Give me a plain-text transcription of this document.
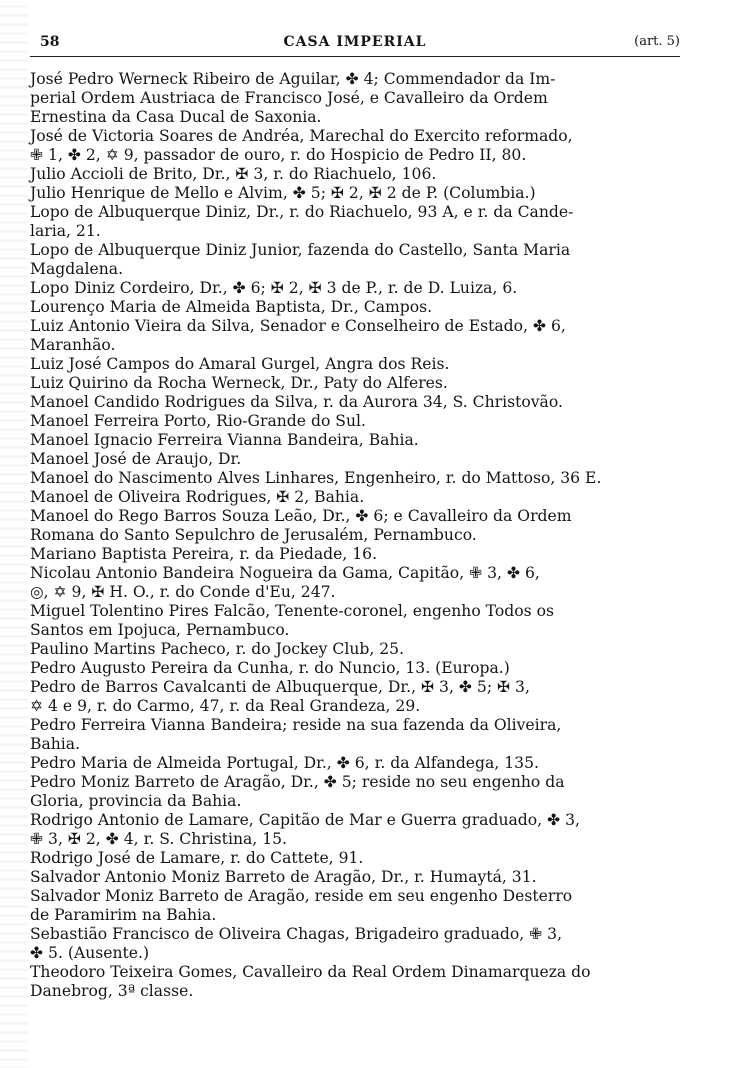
58	CASA IMPERIAL	(art. 5)
José Pedro Werneck Ribeiro de Aguilar, ✤ 4; Commendador da Im-
perial Ordem Austriaca de Francisco José, e Cavalleiro da Ordem
Ernestina da Casa Ducal de Saxonia.
José de Victoria Soares de Andréa, Marechal do Exercito reformado,
✙ 1, ✤ 2, ✡ 9, passador de ouro, r. do Hospicio de Pedro II, 80.
Julio Accioli de Brito, Dr., ✠ 3, r. do Riachuelo, 106.
Julio Henrique de Mello e Alvim, ✤ 5; ✠ 2, ✠ 2 de P. (Columbia.)
Lopo de Albuquerque Diniz, Dr., r. do Riachuelo, 93 A, e r. da Cande-
laria, 21.
Lopo de Albuquerque Diniz Junior, fazenda do Castello, Santa Maria
Magdalena.
Lopo Diniz Cordeiro, Dr., ✤ 6; ✠ 2, ✠ 3 de P., r. de D. Luiza, 6.
Lourenço Maria de Almeida Baptista, Dr., Campos.
Luiz Antonio Vieira da Silva, Senador e Conselheiro de Estado, ✤ 6,
Maranhão.
Luiz José Campos do Amaral Gurgel, Angra dos Reis.
Luiz Quirino da Rocha Werneck, Dr., Paty do Alferes.
Manoel Candido Rodrigues da Silva, r. da Aurora 34, S. Christovão.
Manoel Ferreira Porto, Rio-Grande do Sul.
Manoel Ignacio Ferreira Vianna Bandeira, Bahia.
Manoel José de Araujo, Dr.
Manoel do Nascimento Alves Linhares, Engenheiro, r. do Mattoso, 36 E.
Manoel de Oliveira Rodrigues, ✠ 2, Bahia.
Manoel do Rego Barros Souza Leão, Dr., ✤ 6; e Cavalleiro da Ordem
Romana do Santo Sepulchro de Jerusalém, Pernambuco.
Mariano Baptista Pereira, r. da Piedade, 16.
Nicolau Antonio Bandeira Nogueira da Gama, Capitão, ✙ 3, ✤ 6,
◎, ✡ 9, ✠ H. O., r. do Conde d'Eu, 247.
Miguel Tolentino Pires Falcão, Tenente-coronel, engenho Todos os
Santos em Ipojuca, Pernambuco.
Paulino Martins Pacheco, r. do Jockey Club, 25.
Pedro Augusto Pereira da Cunha, r. do Nuncio, 13. (Europa.)
Pedro de Barros Cavalcanti de Albuquerque, Dr., ✠ 3, ✤ 5; ✠ 3,
✡ 4 e 9, r. do Carmo, 47, r. da Real Grandeza, 29.
Pedro Ferreira Vianna Bandeira; reside na sua fazenda da Oliveira,
Bahia.
Pedro Maria de Almeida Portugal, Dr., ✤ 6, r. da Alfandega, 135.
Pedro Moniz Barreto de Aragão, Dr., ✤ 5; reside no seu engenho da
Gloria, provincia da Bahia.
Rodrigo Antonio de Lamare, Capitão de Mar e Guerra graduado, ✤ 3,
✙ 3, ✠ 2, ✤ 4, r. S. Christina, 15.
Rodrigo José de Lamare, r. do Cattete, 91.
Salvador Antonio Moniz Barreto de Aragão, Dr., r. Humaytá, 31.
Salvador Moniz Barreto de Aragão, reside em seu engenho Desterro
de Paramirim na Bahia.
Sebastião Francisco de Oliveira Chagas, Brigadeiro graduado, ✙ 3,
✤ 5. (Ausente.)
Theodoro Teixeira Gomes, Cavalleiro da Real Ordem Dinamarqueza do
Danebrog, 3ª classe.
